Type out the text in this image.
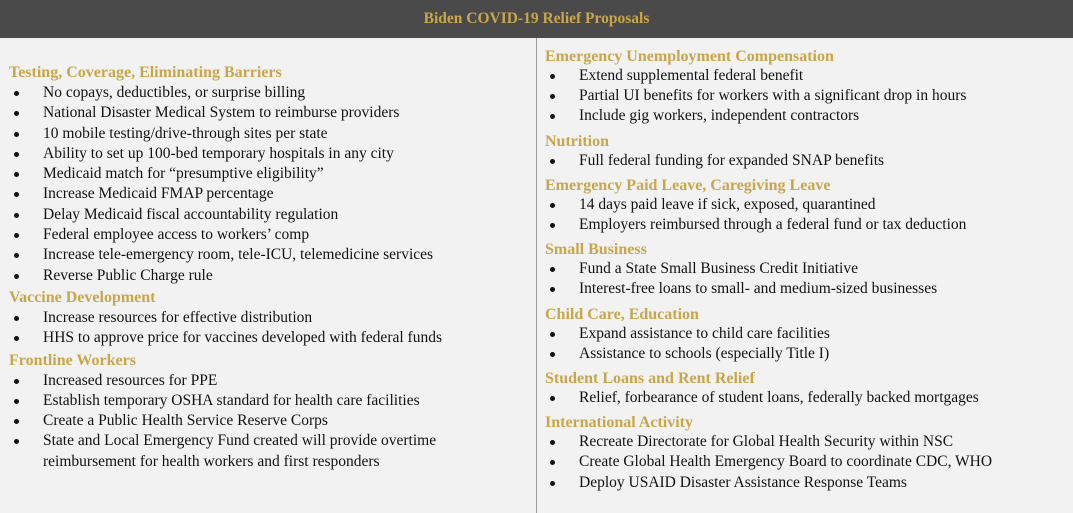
Biden COVID-19 Relief Proposals
Testing, Coverage, Eliminating Barriers
No copays, deductibles, or surprise billing
National Disaster Medical System to reimburse providers
10 mobile testing/drive-through sites per state
Ability to set up 100-bed temporary hospitals in any city
Medicaid match for “presumptive eligibility”
Increase Medicaid FMAP percentage
Delay Medicaid fiscal accountability regulation
Federal employee access to workers’ comp
Increase tele-emergency room, tele-ICU, telemedicine services
Reverse Public Charge rule
Vaccine Development
Increase resources for effective distribution
HHS to approve price for vaccines developed with federal funds
Frontline Workers
Increased resources for PPE
Establish temporary OSHA standard for health care facilities
Create a Public Health Service Reserve Corps
State and Local Emergency Fund created will provide overtime
reimbursement for health workers and first responders
Emergency Unemployment Compensation
Extend supplemental federal benefit
Partial UI benefits for workers with a significant drop in hours
Include gig workers, independent contractors
Nutrition
Full federal funding for expanded SNAP benefits
Emergency Paid Leave, Caregiving Leave
14 days paid leave if sick, exposed, quarantined
Employers reimbursed through a federal fund or tax deduction
Small Business
Fund a State Small Business Credit Initiative
Interest-free loans to small- and medium-sized businesses
Child Care, Education
Expand assistance to child care facilities
Assistance to schools (especially Title I)
Student Loans and Rent Relief
Relief, forbearance of student loans, federally backed mortgages
International Activity
Recreate Directorate for Global Health Security within NSC
Create Global Health Emergency Board to coordinate CDC, WHO
Deploy USAID Disaster Assistance Response Teams
